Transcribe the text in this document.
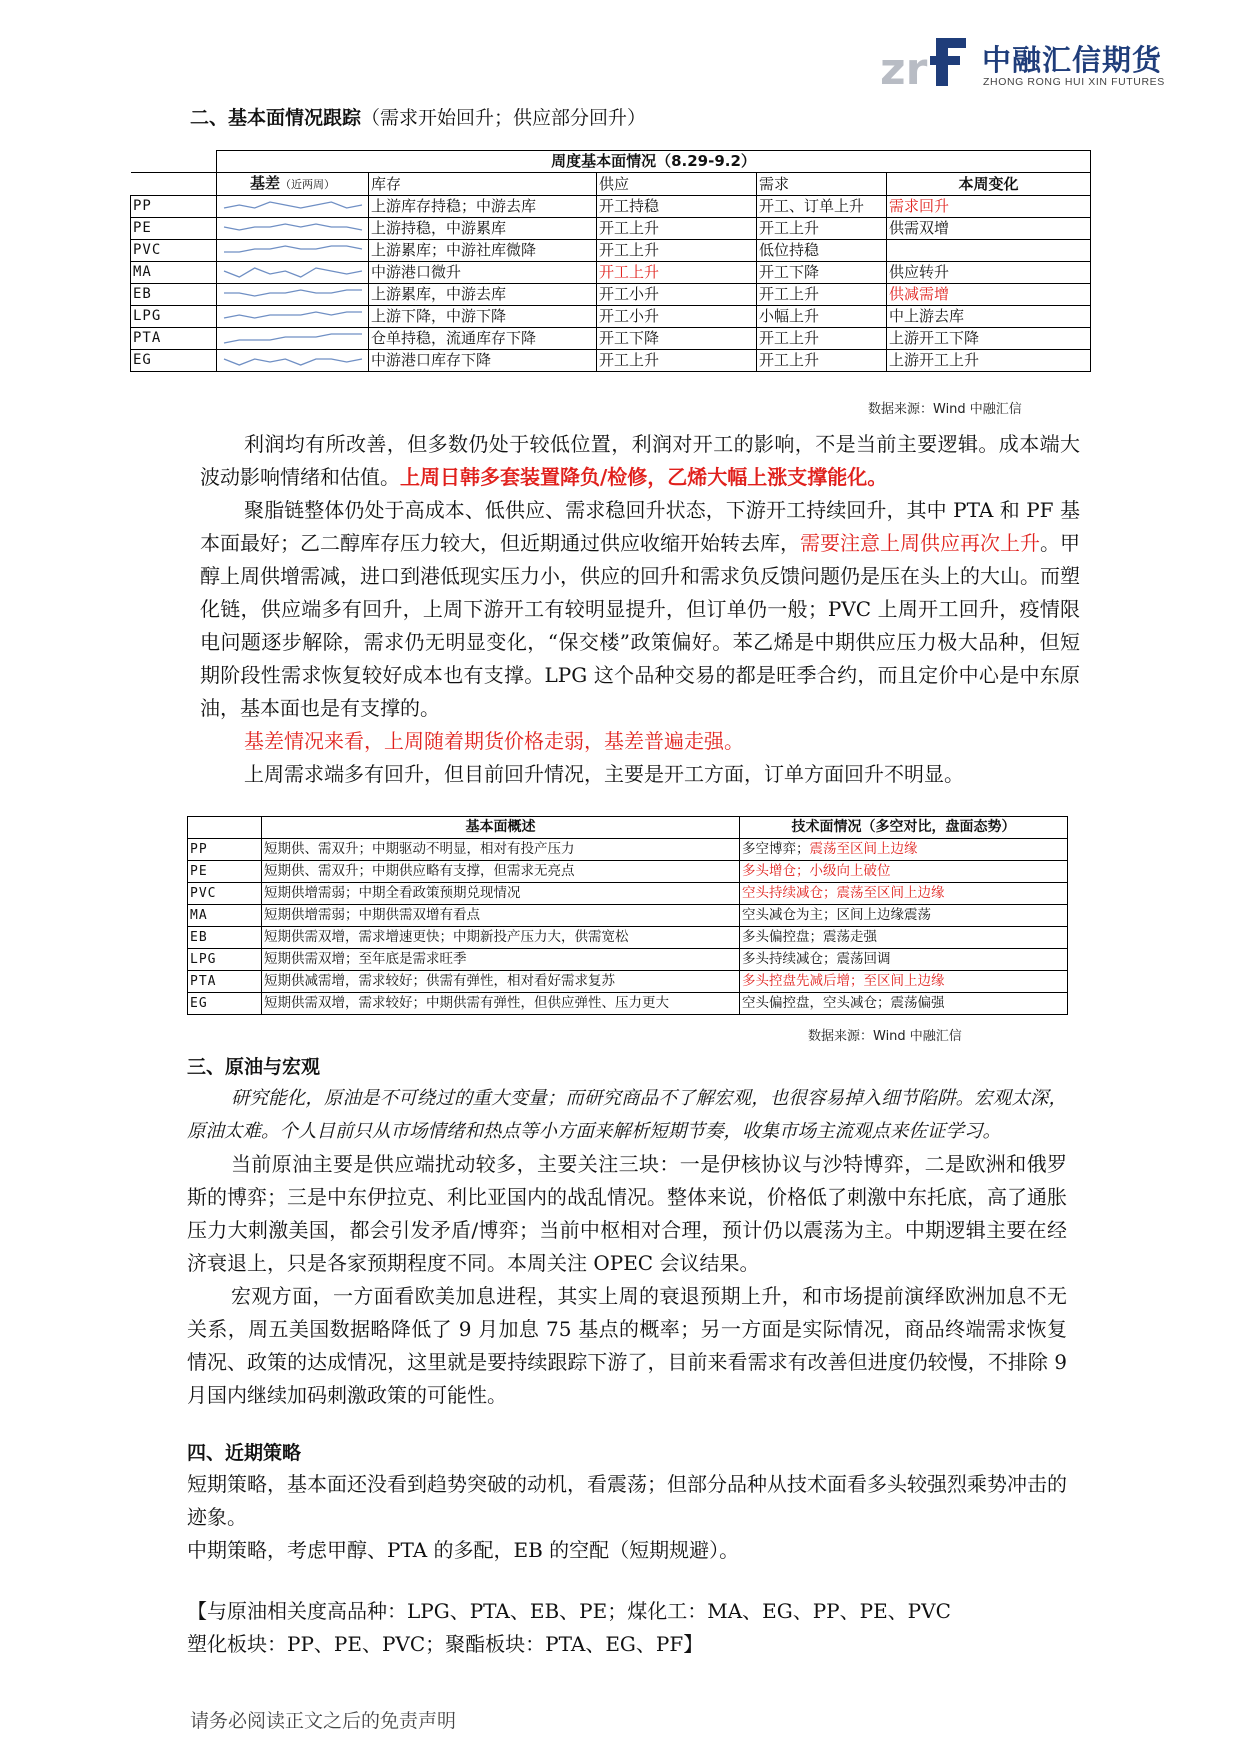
zr 中融汇信期货
ZHONG RONG HUI XIN FUTURES
二、基本面情况跟踪（需求开始回升；供应部分回升）
	周度基本面情况（8.29-9.2）				
	基差（近两周）	库存	供应	需求	本周变化
PP		上游库存持稳；中游去库	开工持稳	开工、订单上升	需求回升
PE		上游持稳，中游累库	开工上升	开工上升	供需双增
PVC		上游累库；中游社库微降	开工上升	低位持稳	
MA		中游港口微升	开工上升	开工下降	供应转升
EB		上游累库，中游去库	开工小升	开工上升	供减需增
LPG		上游下降，中游下降	开工小升	小幅上升	中上游去库
PTA		仓单持稳，流通库存下降	开工下降	开工上升	上游开工下降
EG		中游港口库存下降	开工上升	开工上升	上游开工上升
数据来源：Wind 中融汇信

利润均有所改善，但多数仍处于较低位置，利润对开工的影响，不是当前主要逻辑。成本端大波动影响情绪和估值。上周日韩多套装置降负/检修，乙烯大幅上涨支撑能化。

聚脂链整体仍处于高成本、低供应、需求稳回升状态，下游开工持续回升，其中 PTA 和 PF 基本面最好；乙二醇库存压力较大，但近期通过供应收缩开始转去库，需要注意上周供应再次上升。甲醇上周供增需减，进口到港低现实压力小，供应的回升和需求负反馈问题仍是压在头上的大山。而塑化链，供应端多有回升，上周下游开工有较明显提升，但订单仍一般；PVC 上周开工回升，疫情限电问题逐步解除，需求仍无明显变化，“保交楼”政策偏好。苯乙烯是中期供应压力极大品种，但短期阶段性需求恢复较好成本也有支撑。LPG 这个品种交易的都是旺季合约，而且定价中心是中东原油，基本面也是有支撑的。

基差情况来看，上周随着期货价格走弱，基差普遍走强。

上周需求端多有回升，但目前回升情况，主要是开工方面，订单方面回升不明显。

	基本面概述	技术面情况（多空对比，盘面态势）
PP	短期供、需双升；中期驱动不明显，相对有投产压力	多空博弈；震荡至区间上边缘
PE	短期供、需双升；中期供应略有支撑，但需求无亮点	多头增仓；小级向上破位
PVC	短期供增需弱；中期全看政策预期兑现情况	空头持续减仓；震荡至区间上边缘
MA	短期供增需弱；中期供需双增有看点	空头减仓为主；区间上边缘震荡
EB	短期供需双增，需求增速更快；中期新投产压力大，供需宽松	多头偏控盘；震荡走强
LPG	短期供需双增；至年底是需求旺季	多头持续减仓；震荡回调
PTA	短期供减需增，需求较好；供需有弹性，相对看好需求复苏	多头控盘先减后增；至区间上边缘
EG	短期供需双增，需求较好；中期供需有弹性，但供应弹性、压力更大	空头偏控盘，空头减仓；震荡偏强
数据来源：Wind 中融汇信
三、原油与宏观

研究能化，原油是不可绕过的重大变量；而研究商品不了解宏观，也很容易掉入细节陷阱。宏观太深，原油太难。个人目前只从市场情绪和热点等小方面来解析短期节奏，收集市场主流观点来佐证学习。

当前原油主要是供应端扰动较多，主要关注三块：一是伊核协议与沙特博弈，二是欧洲和俄罗斯的博弈；三是中东伊拉克、利比亚国内的战乱情况。整体来说，价格低了刺激中东托底，高了通胀压力大刺激美国，都会引发矛盾/博弈；当前中枢相对合理，预计仍以震荡为主。中期逻辑主要在经济衰退上，只是各家预期程度不同。本周关注 OPEC 会议结果。

宏观方面，一方面看欧美加息进程，其实上周的衰退预期上升，和市场提前演绎欧洲加息不无关系，周五美国数据略降低了 9 月加息 75 基点的概率；另一方面是实际情况，商品终端需求恢复情况、政策的达成情况，这里就是要持续跟踪下游了，目前来看需求有改善但进度仍较慢，不排除 9 月国内继续加码刺激政策的可能性。

四、近期策略

短期策略，基本面还没看到趋势突破的动机，看震荡；但部分品种从技术面看多头较强烈乘势冲击的迹象。

中期策略，考虑甲醇、PTA 的多配，EB 的空配（短期规避）。

【与原油相关度高品种：LPG、PTA、EB、PE；煤化工：MA、EG、PP、PE、PVC

塑化板块：PP、PE、PVC；聚酯板块：PTA、EG、PF】

请务必阅读正文之后的免责声明
